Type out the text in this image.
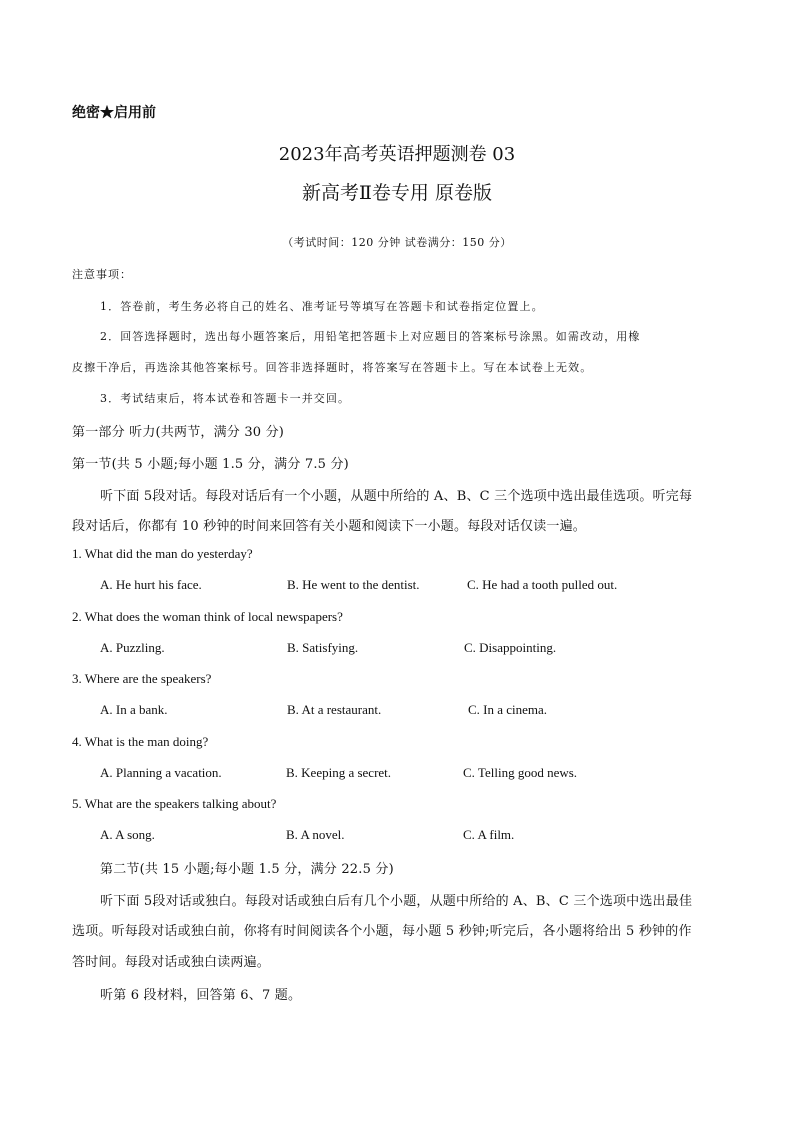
绝密★启用前
2023年高考英语押题测卷 03
新高考Ⅱ卷专用 原卷版
（考试时间：120 分钟 试卷满分：150 分）
注意事项：
1．答卷前，考生务必将自己的姓名、准考证号等填写在答题卡和试卷指定位置上。
2．回答选择题时，选出每小题答案后，用铅笔把答题卡上对应题目的答案标号涂黑。如需改动，用橡
皮擦干净后，再选涂其他答案标号。回答非选择题时，将答案写在答题卡上。写在本试卷上无效。
3．考试结束后，将本试卷和答题卡一并交回。
第一部分 听力(共两节，满分 30 分)
第一节(共 5 小题;每小题 1.5 分，满分 7.5 分)
听下面 5段对话。每段对话后有一个小题，从题中所给的 A、B、C 三个选项中选出最佳选项。听完每
段对话后，你都有 10 秒钟的时间来回答有关小题和阅读下一小题。每段对话仅读一遍。
1. What did the man do yesterday?
A. He hurt his face.	B. He went to the dentist.	C. He had a tooth pulled out.
2. What does the woman think of local newspapers?
A. Puzzling.	B. Satisfying.	C. Disappointing.
3. Where are the speakers?
A. In a bank.	B. At a restaurant.	C. In a cinema.
4. What is the man doing?
A. Planning a vacation.	B. Keeping a secret.	C. Telling good news.
5. What are the speakers talking about?
A. A song.	B. A novel.	C. A film.
第二节(共 15 小题;每小题 1.5 分，满分 22.5 分)
听下面 5段对话或独白。每段对话或独白后有几个小题，从题中所给的 A、B、C 三个选项中选出最佳
选项。听每段对话或独白前，你将有时间阅读各个小题，每小题 5 秒钟;听完后，各小题将给出 5 秒钟的作
答时间。每段对话或独白读两遍。
听第 6 段材料，回答第 6、7 题。
